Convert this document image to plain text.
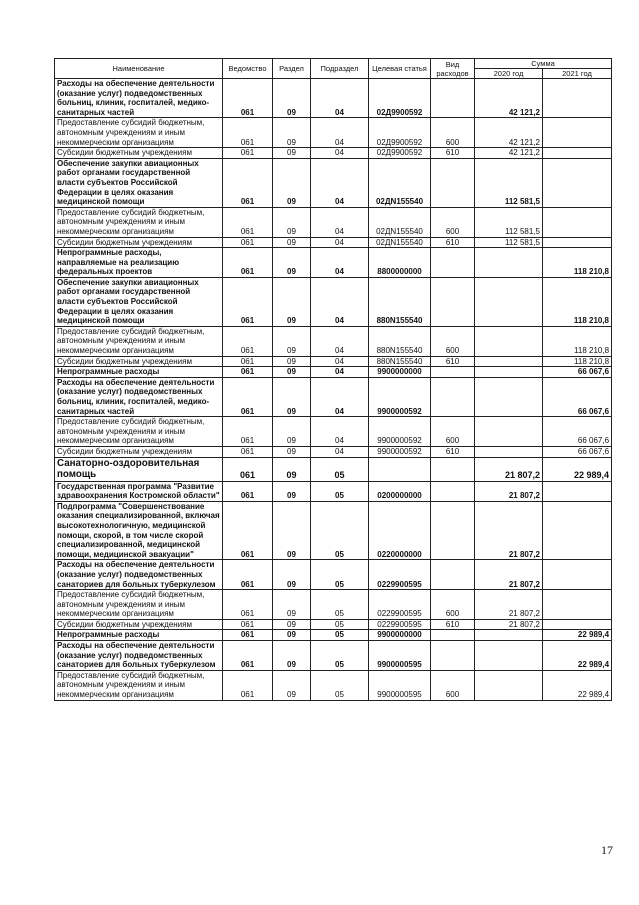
Наименование	Ведомство	Раздел	Подраздел	Целевая статья	Вид расходов	Сумма	
						2020 год	2021 год
Расходы на обеспечение деятельности (оказание услуг) подведомственных больниц, клиник, госпиталей, медико-санитарных частей	061	09	04	02Д9900592		42 121,2	
Предоставление субсидий бюджетным, автономным учреждениям и иным некоммерческим организациям	061	09	04	02Д9900592	600	42 121,2	
Субсидии бюджетным учреждениям	061	09	04	02Д9900592	610	42 121,2	
Обеспечение закупки авиационных работ органами государственной власти субъектов Российской Федерации в целях оказания медицинской помощи	061	09	04	02ДN155540		112 581,5	
Предоставление субсидий бюджетным, автономным учреждениям и иным некоммерческим организациям	061	09	04	02ДN155540	600	112 581,5	
Субсидии бюджетным учреждениям	061	09	04	02ДN155540	610	112 581,5	
Непрограммные расходы, направляемые на реализацию федеральных проектов	061	09	04	8800000000			118 210,8
Обеспечение закупки авиационных работ органами государственной власти субъектов Российской Федерации в целях оказания медицинской помощи	061	09	04	880N155540			118 210,8
Предоставление субсидий бюджетным, автономным учреждениям и иным некоммерческим организациям	061	09	04	880N155540	600		118 210,8
Субсидии бюджетным учреждениям	061	09	04	880N155540	610		118 210,8
Непрограммные расходы	061	09	04	9900000000			66 067,6
Расходы на обеспечение деятельности (оказание услуг) подведомственных больниц, клиник, госпиталей, медико-санитарных частей	061	09	04	9900000592			66 067,6
Предоставление субсидий бюджетным, автономным учреждениям и иным некоммерческим организациям	061	09	04	9900000592	600		66 067,6
Субсидии бюджетным учреждениям	061	09	04	9900000592	610		66 067,6
Санаторно-оздоровительная помощь	061	09	05			21 807,2	22 989,4
Государственная программа "Развитие здравоохранения Костромской области"	061	09	05	0200000000		21 807,2	
Подпрограмма "Совершенствование оказания специализированной, включая высокотехнологичную, медицинской помощи, скорой, в том числе скорой специализированной, медицинской помощи, медицинской эвакуации"	061	09	05	0220000000		21 807,2	
Расходы на обеспечение деятельности (оказание услуг) подведомственных санаториев для больных туберкулезом	061	09	05	0229900595		21 807,2	
Предоставление субсидий бюджетным, автономным учреждениям и иным некоммерческим организациям	061	09	05	0229900595	600	21 807,2	
Субсидии бюджетным учреждениям	061	09	05	0229900595	610	21 807,2	
Непрограммные расходы	061	09	05	9900000000			22 989,4
Расходы на обеспечение деятельности (оказание услуг) подведомственных санаториев для больных туберкулезом	061	09	05	9900000595			22 989,4
Предоставление субсидий бюджетным, автономным учреждениям и иным некоммерческим организациям	061	09	05	9900000595	600		22 989,4
17
